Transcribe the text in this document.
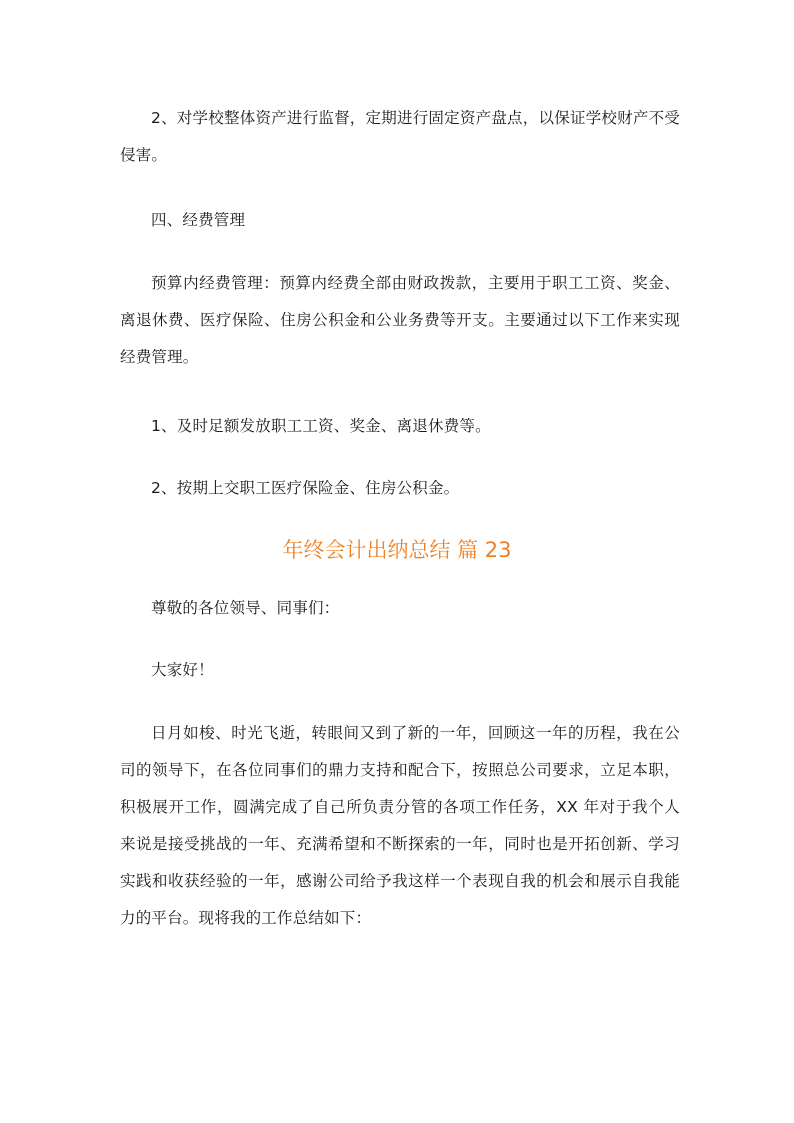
2、对学校整体资产进行监督，定期进行固定资产盘点，以保证学校财产不受侵害。

四、经费管理

预算内经费管理：预算内经费全部由财政拨款，主要用于职工工资、奖金、离退休费、医疗保险、住房公积金和公业务费等开支。主要通过以下工作来实现经费管理。

1、及时足额发放职工工资、奖金、离退休费等。

2、按期上交职工医疗保险金、住房公积金。

年终会计出纳总结 篇 23

尊敬的各位领导、同事们：

大家好！

日月如梭、时光飞逝，转眼间又到了新的一年，回顾这一年的历程，我在公司的领导下，在各位同事们的鼎力支持和配合下，按照总公司要求，立足本职，积极展开工作，圆满完成了自己所负责分管的各项工作任务，XX 年对于我个人来说是接受挑战的一年、充满希望和不断探索的一年，同时也是开拓创新、学习实践和收获经验的一年，感谢公司给予我这样一个表现自我的机会和展示自我能力的平台。现将我的工作总结如下：
